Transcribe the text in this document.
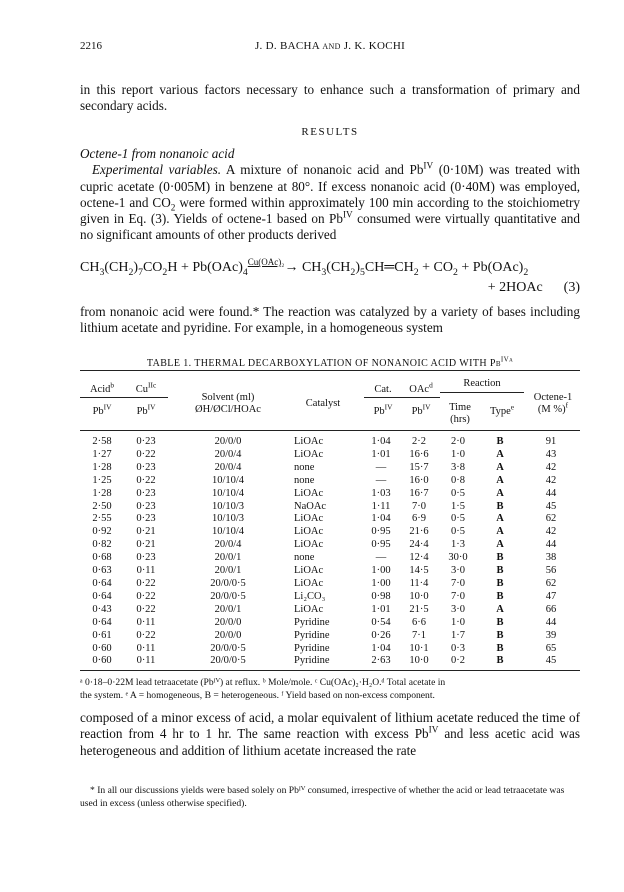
2216	J. D. BACHA and J. K. KOCHI

in this report various factors necessary to enhance such a transformation of primary and secondary acids.

RESULTS

Octene-1 from nonanoic acid

Experimental variables. A mixture of nonanoic acid and $Pb^{IV}$ (0·10M) was treated with cupric acetate (0·005M) in benzene at 80°. If excess nonanoic acid (0·40M) was employed, octene-1 and $CO_2$ were formed within approximately 100 min according to the stoichiometry given in Eq. (3). Yields of octene-1 based on $Pb^{IV}$ consumed were virtually quantitative and no significant amounts of other products derived

$CH_3(CH_2)_7CO_2H + Pb(OAc)_4^{Cu(OAc)_2}\to$ $CH_3(CH_2)_5CH═CH_2 + CO_2 + Pb(OAc)_2$
+ 2HOAc (3)

from nonanoic acid were found.* The reaction was catalyzed by a variety of bases including lithium acetate and pyridine. For example, in a homogeneous system

TABLE 1. THERMAL DECARBOXYLATION OF NONANOIC ACID WITH $Pb^{IVa}$
Acid$^b$	$Cu^{IIc}$
Solvent (ml)
ØH/ØCl/HOAc
Catalyst
Cat.	OAc$^d$	Reaction
Octene-1
(M %)$^f$
$Pb^{IV}$	$Pb^{IV}$	$Pb^{IV}$	$Pb^{IV}$	Time
(hrs)
Type$^e$
2·58	0·23	20/0/0	LiOAc	1·04	2·2	2·0	B	91
1·27	0·22	20/0/4	LiOAc	1·01	16·6	1·0	A	43
1·28	0·23	20/0/4	none	—	15·7	3·8	A	42
1·25	0·22	10/10/4	none	—	16·0	0·8	A	42
1·28	0·23	10/10/4	LiOAc	1·03	16·7	0·5	A	44
2·50	0·23	10/10/3	NaOAc	1·11	7·0	1·5	B	45
2·55	0·23	10/10/3	LiOAc	1·04	6·9	0·5	A	62
0·92	0·21	10/10/4	LiOAc	0·95	21·6	0·5	A	42
0·82	0·21	20/0/4	LiOAc	0·95	24·4	1·3	A	44
0·68	0·23	20/0/1	none	—	12·4	30·0	B	38
0·63	0·11	20/0/1	LiOAc	1·00	14·5	3·0	B	56
0·64	0·22	20/0/0·5	LiOAc	1·00	11·4	7·0	B	62
0·64	0·22	20/0/0·5	Li₂CO₃	0·98	10·0	7·0	B	47
0·43	0·22	20/0/1	LiOAc	1·01	21·5	3·0	A	66
0·64	0·11	20/0/0	Pyridine	0·54	6·6	1·0	B	44
0·61	0·22	20/0/0	Pyridine	0·26	7·1	1·7	B	39
0·60	0·11	20/0/0·5	Pyridine	1·04	10·1	0·3	B	65
0·60	0·11	20/0/0·5	Pyridine	2·63	10·0	0·2	B	45

ᵃ 0·18–0·22M lead tetraacetate (Pbᴵⱽ) at reflux. ᵇ Mole/mole. ᶜ Cu(OAc)₂·H₂O.ᵈ Total acetate in

the system. ᵉ A = homogeneous, B = heterogeneous. ᶠ Yield based on non-excess component.

composed of a minor excess of acid, a molar equivalent of lithium acetate reduced the time of reaction from 4 hr to 1 hr. The same reaction with excess $Pb^{IV}$ and less acetic acid was heterogeneous and addition of lithium acetate increased the rate

* In all our discussions yields were based solely on Pbᴵⱽ consumed, irrespective of whether the acid or lead tetraacetate was used in excess (unless otherwise specified).
